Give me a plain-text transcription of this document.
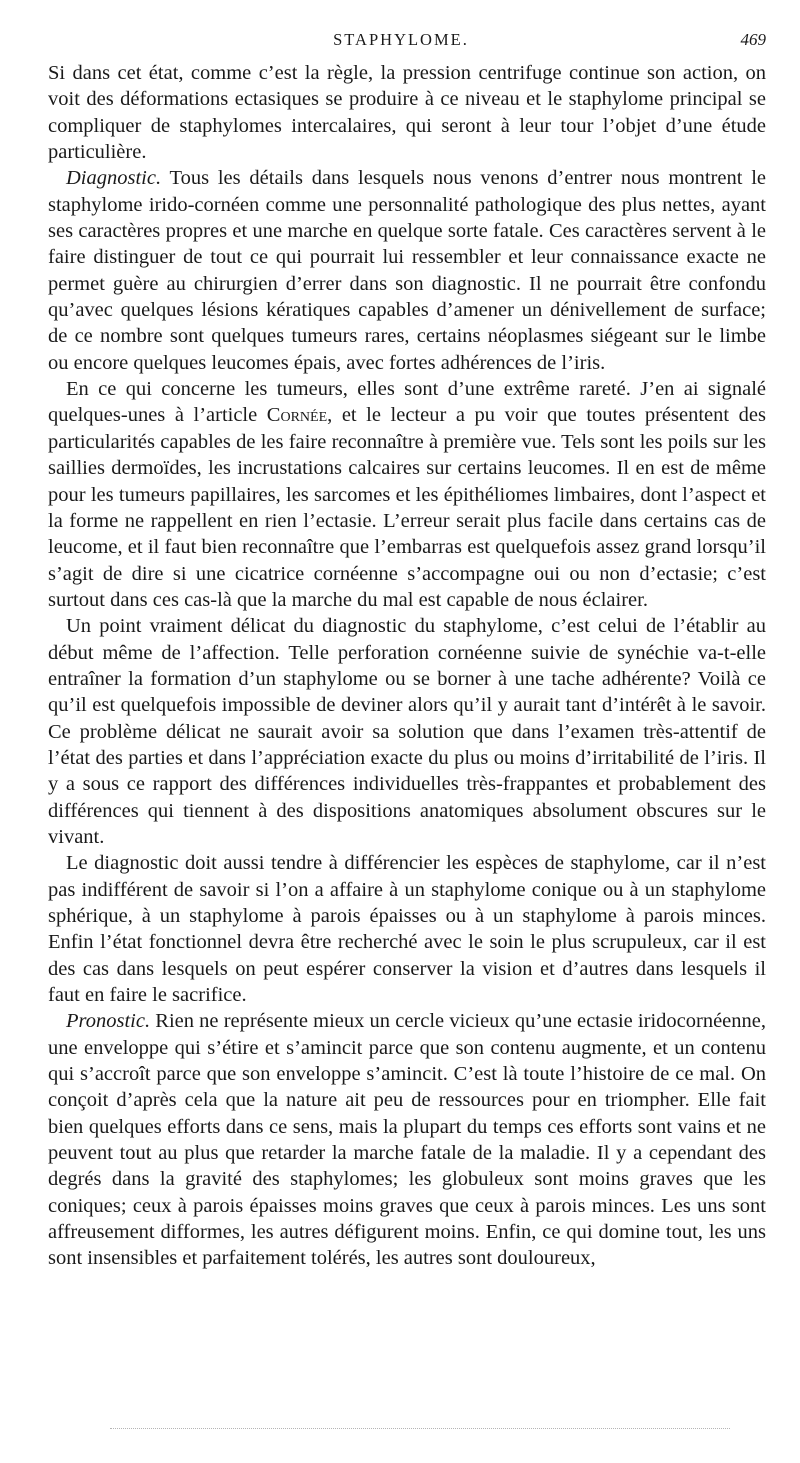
STAPHYLOME.	469

Si dans cet état, comme c’est la règle, la pression centrifuge continue son action, on voit des déformations ectasiques se produire à ce niveau et le staphylome principal se compliquer de staphylomes intercalaires, qui seront à leur tour l’objet d’une étude particulière.

Diagnostic. Tous les détails dans lesquels nous venons d’entrer nous montrent le staphylome irido-cornéen comme une personnalité pathologique des plus nettes, ayant ses caractères propres et une marche en quelque sorte fatale. Ces caractères servent à le faire distinguer de tout ce qui pourrait lui ressembler et leur connaissance exacte ne permet guère au chirurgien d’errer dans son diagnostic. Il ne pourrait être confondu qu’avec quelques lésions kératiques capables d’amener un dénivellement de surface; de ce nombre sont quelques tumeurs rares, certains néoplasmes siégeant sur le limbe ou encore quelques leucomes épais, avec fortes adhérences de l’iris.

En ce qui concerne les tumeurs, elles sont d’une extrême rareté. J’en ai signalé quelques-unes à l’article Cornée, et le lecteur a pu voir que toutes présentent des particularités capables de les faire reconnaître à première vue. Tels sont les poils sur les saillies dermoïdes, les incrustations calcaires sur certains leucomes. Il en est de même pour les tumeurs papillaires, les sarcomes et les épithéliomes limbaires, dont l’aspect et la forme ne rappellent en rien l’ectasie. L’erreur serait plus facile dans certains cas de leucome, et il faut bien reconnaître que l’embarras est quelquefois assez grand lorsqu’il s’agit de dire si une cicatrice cornéenne s’accompagne oui ou non d’ectasie; c’est surtout dans ces cas-là que la marche du mal est capable de nous éclairer.

Un point vraiment délicat du diagnostic du staphylome, c’est celui de l’établir au début même de l’affection. Telle perforation cornéenne suivie de synéchie va-t-elle entraîner la formation d’un staphylome ou se borner à une tache adhérente? Voilà ce qu’il est quelquefois impossible de deviner alors qu’il y aurait tant d’intérêt à le savoir. Ce problème délicat ne saurait avoir sa solution que dans l’examen très-attentif de l’état des parties et dans l’appréciation exacte du plus ou moins d’irritabilité de l’iris. Il y a sous ce rapport des différences individuelles très-frappantes et probablement des différences qui tiennent à des dispositions anatomiques absolument obscures sur le vivant.

Le diagnostic doit aussi tendre à différencier les espèces de staphylome, car il n’est pas indifférent de savoir si l’on a affaire à un staphylome conique ou à un staphylome sphérique, à un staphylome à parois épaisses ou à un staphylome à parois minces. Enfin l’état fonctionnel devra être recherché avec le soin le plus scrupuleux, car il est des cas dans lesquels on peut espérer conserver la vision et d’autres dans lesquels il faut en faire le sacrifice.

Pronostic. Rien ne représente mieux un cercle vicieux qu’une ectasie iridocornéenne, une enveloppe qui s’étire et s’amincit parce que son contenu augmente, et un contenu qui s’accroît parce que son enveloppe s’amincit. C’est là toute l’histoire de ce mal. On conçoit d’après cela que la nature ait peu de ressources pour en triompher. Elle fait bien quelques efforts dans ce sens, mais la plupart du temps ces efforts sont vains et ne peuvent tout au plus que retarder la marche fatale de la maladie. Il y a cependant des degrés dans la gravité des staphylomes; les globuleux sont moins graves que les coniques; ceux à parois épaisses moins graves que ceux à parois minces. Les uns sont affreusement difformes, les autres défigurent moins. Enfin, ce qui domine tout, les uns sont insensibles et parfaitement tolérés, les autres sont douloureux,
